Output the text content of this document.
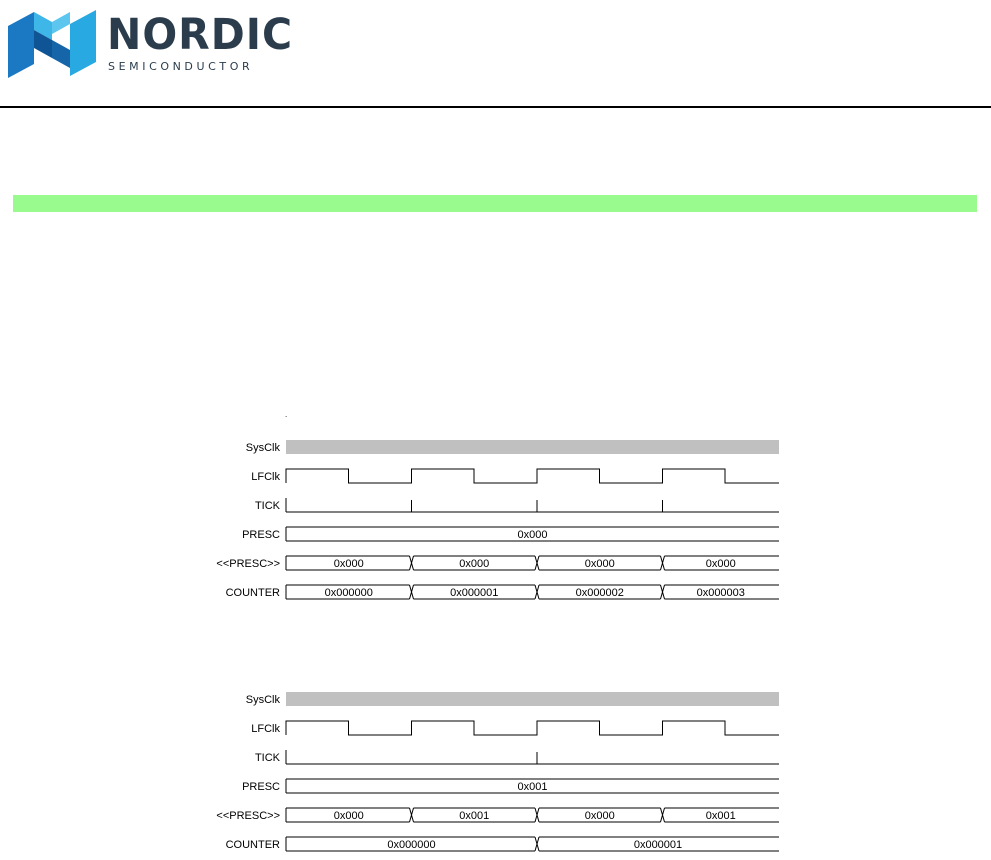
NORDIC
SEMICONDUCTOR
.
SysClk
LFClk
TICK
PRESC
<<PRESC>>
COUNTER
0x000
0x000	0x000	0x000	0x000
0x000000	0x000001	0x000002	0x000003
SysClk
LFClk
TICK
PRESC
<<PRESC>>
COUNTER
0x001
0x000	0x001	0x000	0x001
0x000000	0x000001
